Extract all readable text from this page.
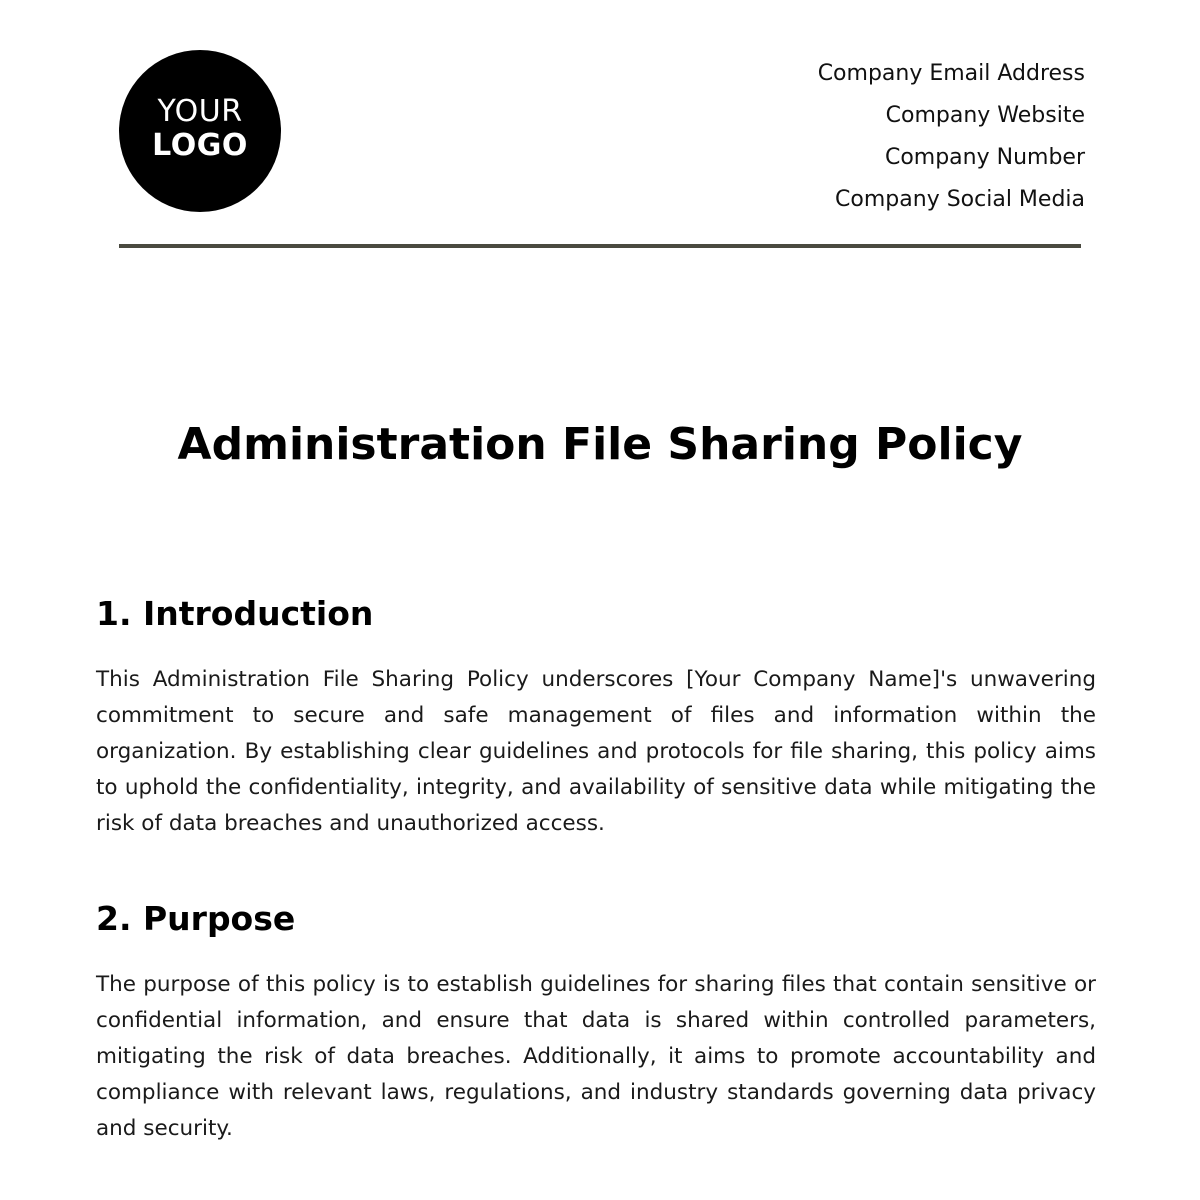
YOUR
LOGO
Company Email Address
Company Website
Company Number
Company Social Media
Administration File Sharing Policy
1. Introduction

This Administration File Sharing Policy underscores [Your Company Name]'s unwavering commitment to secure and safe management of files and information within the organization. By establishing clear guidelines and protocols for file sharing, this policy aims to uphold the confidentiality, integrity, and availability of sensitive data while mitigating the risk of data breaches and unauthorized access.

2. Purpose

The purpose of this policy is to establish guidelines for sharing files that contain sensitive or confidential information, and ensure that data is shared within controlled parameters, mitigating the risk of data breaches. Additionally, it aims to promote accountability and compliance with relevant laws, regulations, and industry standards governing data privacy and security.
